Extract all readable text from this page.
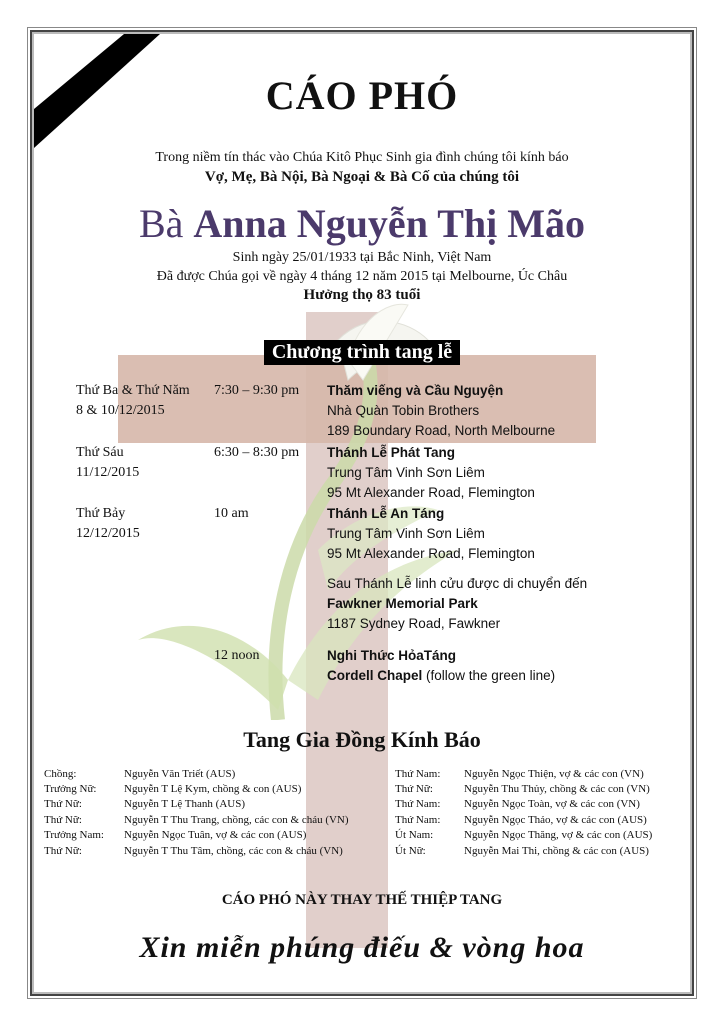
CÁO PHÓ
Trong niềm tín thác vào Chúa Kitô Phục Sinh gia đình chúng tôi kính báo
Vợ, Mẹ, Bà Nội, Bà Ngoại & Bà Cố của chúng tôi
Bà Anna Nguyễn Thị Mão
Sinh ngày 25/01/1933 tại Bắc Ninh, Việt Nam
Đã được Chúa gọi về ngày 4 tháng 12 năm 2015 tại Melbourne, Úc Châu
Hưởng thọ 83 tuổi
Chương trình tang lễ
Thứ Ba & Thứ Năm
8 & 10/12/2015
7:30 – 9:30 pm Thăm viếng và Cầu Nguyện
Nhà Quàn Tobin Brothers
189 Boundary Road, North Melbourne
Thứ Sáu
11/12/2015
6:30 – 8:30 pm Thánh Lễ Phát Tang
Trung Tâm Vinh Sơn Liêm
95 Mt Alexander Road, Flemington
Thứ Bảy
12/12/2015
10 am	Thánh Lễ An Táng
Trung Tâm Vinh Sơn Liêm
95 Mt Alexander Road, Flemington
Sau Thánh Lễ linh cửu được di chuyển đến
Fawkner Memorial Park
1187 Sydney Road, Fawkner
12 noon	Nghi Thức HỏaTáng
Cordell Chapel (follow the green line)
Tang Gia Đồng Kính Báo
Chồng:	Nguyễn Văn Triết (AUS)
Trưởng Nữ:	Nguyễn T Lệ Kym, chồng & con (AUS)
Thứ Nữ:	Nguyễn T Lệ Thanh (AUS)
Thứ Nữ:	Nguyễn T Thu Trang, chồng, các con & cháu (VN)
Trưởng Nam: Nguyễn Ngọc Tuân, vợ & các con (AUS)
Thứ Nữ:	Nguyễn T Thu Tâm, chồng, các con & cháu (VN)
Thứ Nam: Nguyễn Ngọc Thiện, vợ & các con (VN)
Thứ Nữ:	Nguyễn Thu Thủy, chồng & các con (VN)
Thứ Nam: Nguyễn Ngọc Toàn, vợ & các con (VN)
Thứ Nam: Nguyễn Ngọc Thảo, vợ & các con (AUS)
Út Nam:	Nguyễn Ngọc Thăng, vợ & các con (AUS)
Út Nữ:	Nguyễn Mai Thi, chồng & các con (AUS)
CÁO PHÓ NÀY THAY THẾ THIỆP TANG
Xin miễn phúng điếu & vòng hoa
